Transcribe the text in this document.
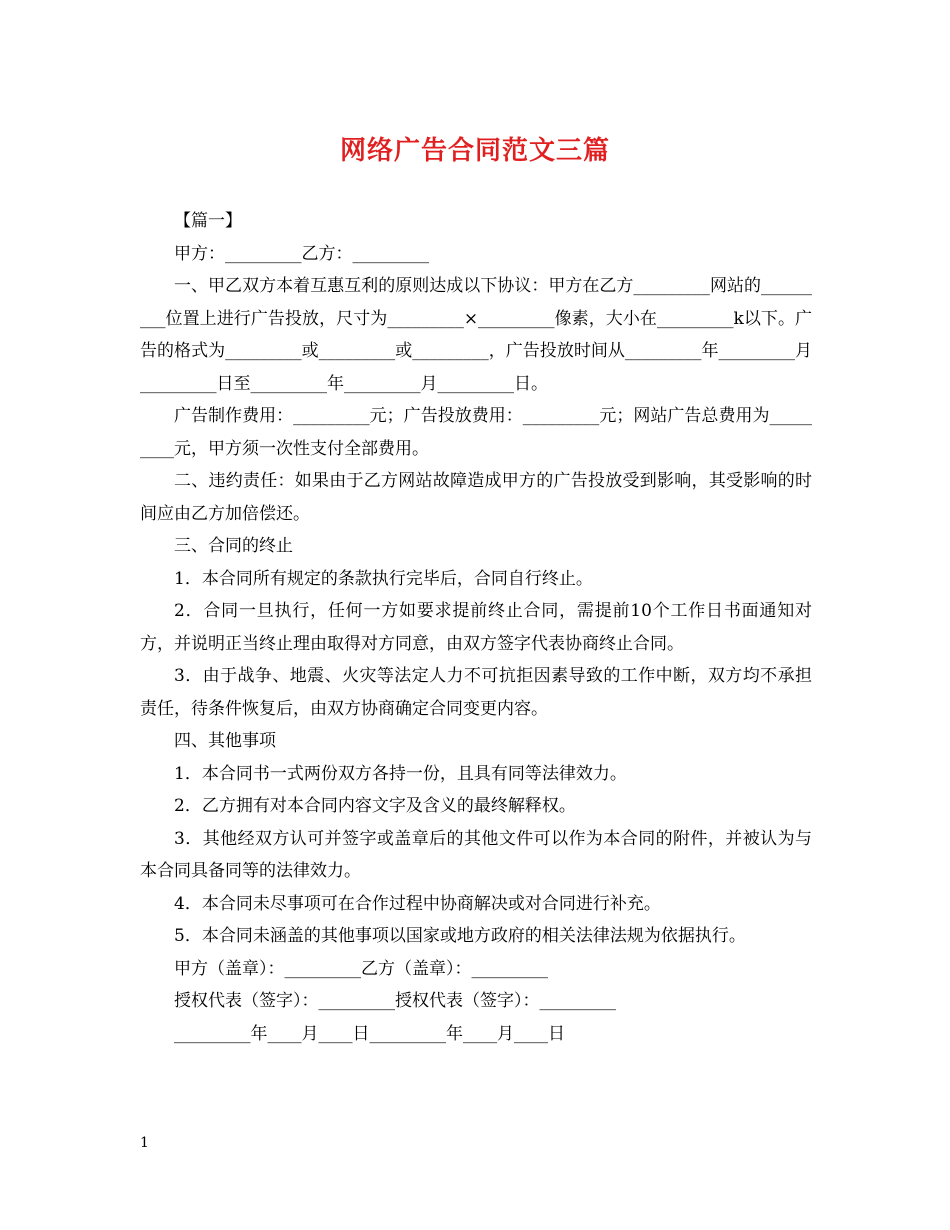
网络广告合同范文三篇

【篇一】

甲方：_________乙方：_________

一、甲乙双方本着互惠互利的原则达成以下协议：甲方在乙方_________网站的_________位置上进行广告投放，尺寸为_________×_________像素，大小在_________k以下。广告的格式为_________或_________或_________，广告投放时间从_________年_________月_________日至_________年_________月_________日。

广告制作费用：_________元；广告投放费用：_________元；网站广告总费用为_________元，甲方须一次性支付全部费用。

二、违约责任：如果由于乙方网站故障造成甲方的广告投放受到影响，其受影响的时间应由乙方加倍偿还。

三、合同的终止

1．本合同所有规定的条款执行完毕后，合同自行终止。

2．合同一旦执行，任何一方如要求提前终止合同，需提前10个工作日书面通知对方，并说明正当终止理由取得对方同意，由双方签字代表协商终止合同。

3．由于战争、地震、火灾等法定人力不可抗拒因素导致的工作中断，双方均不承担责任，待条件恢复后，由双方协商确定合同变更内容。

四、其他事项

1．本合同书一式两份双方各持一份，且具有同等法律效力。

2．乙方拥有对本合同内容文字及含义的最终解释权。

3．其他经双方认可并签字或盖章后的其他文件可以作为本合同的附件，并被认为与本合同具备同等的法律效力。

4．本合同未尽事项可在合作过程中协商解决或对合同进行补充。

5．本合同未涵盖的其他事项以国家或地方政府的相关法律法规为依据执行。

甲方（盖章）：_________乙方（盖章）：_________

授权代表（签字）：_________授权代表（签字）：_________

_________年____月____日_________年____月____日

1
